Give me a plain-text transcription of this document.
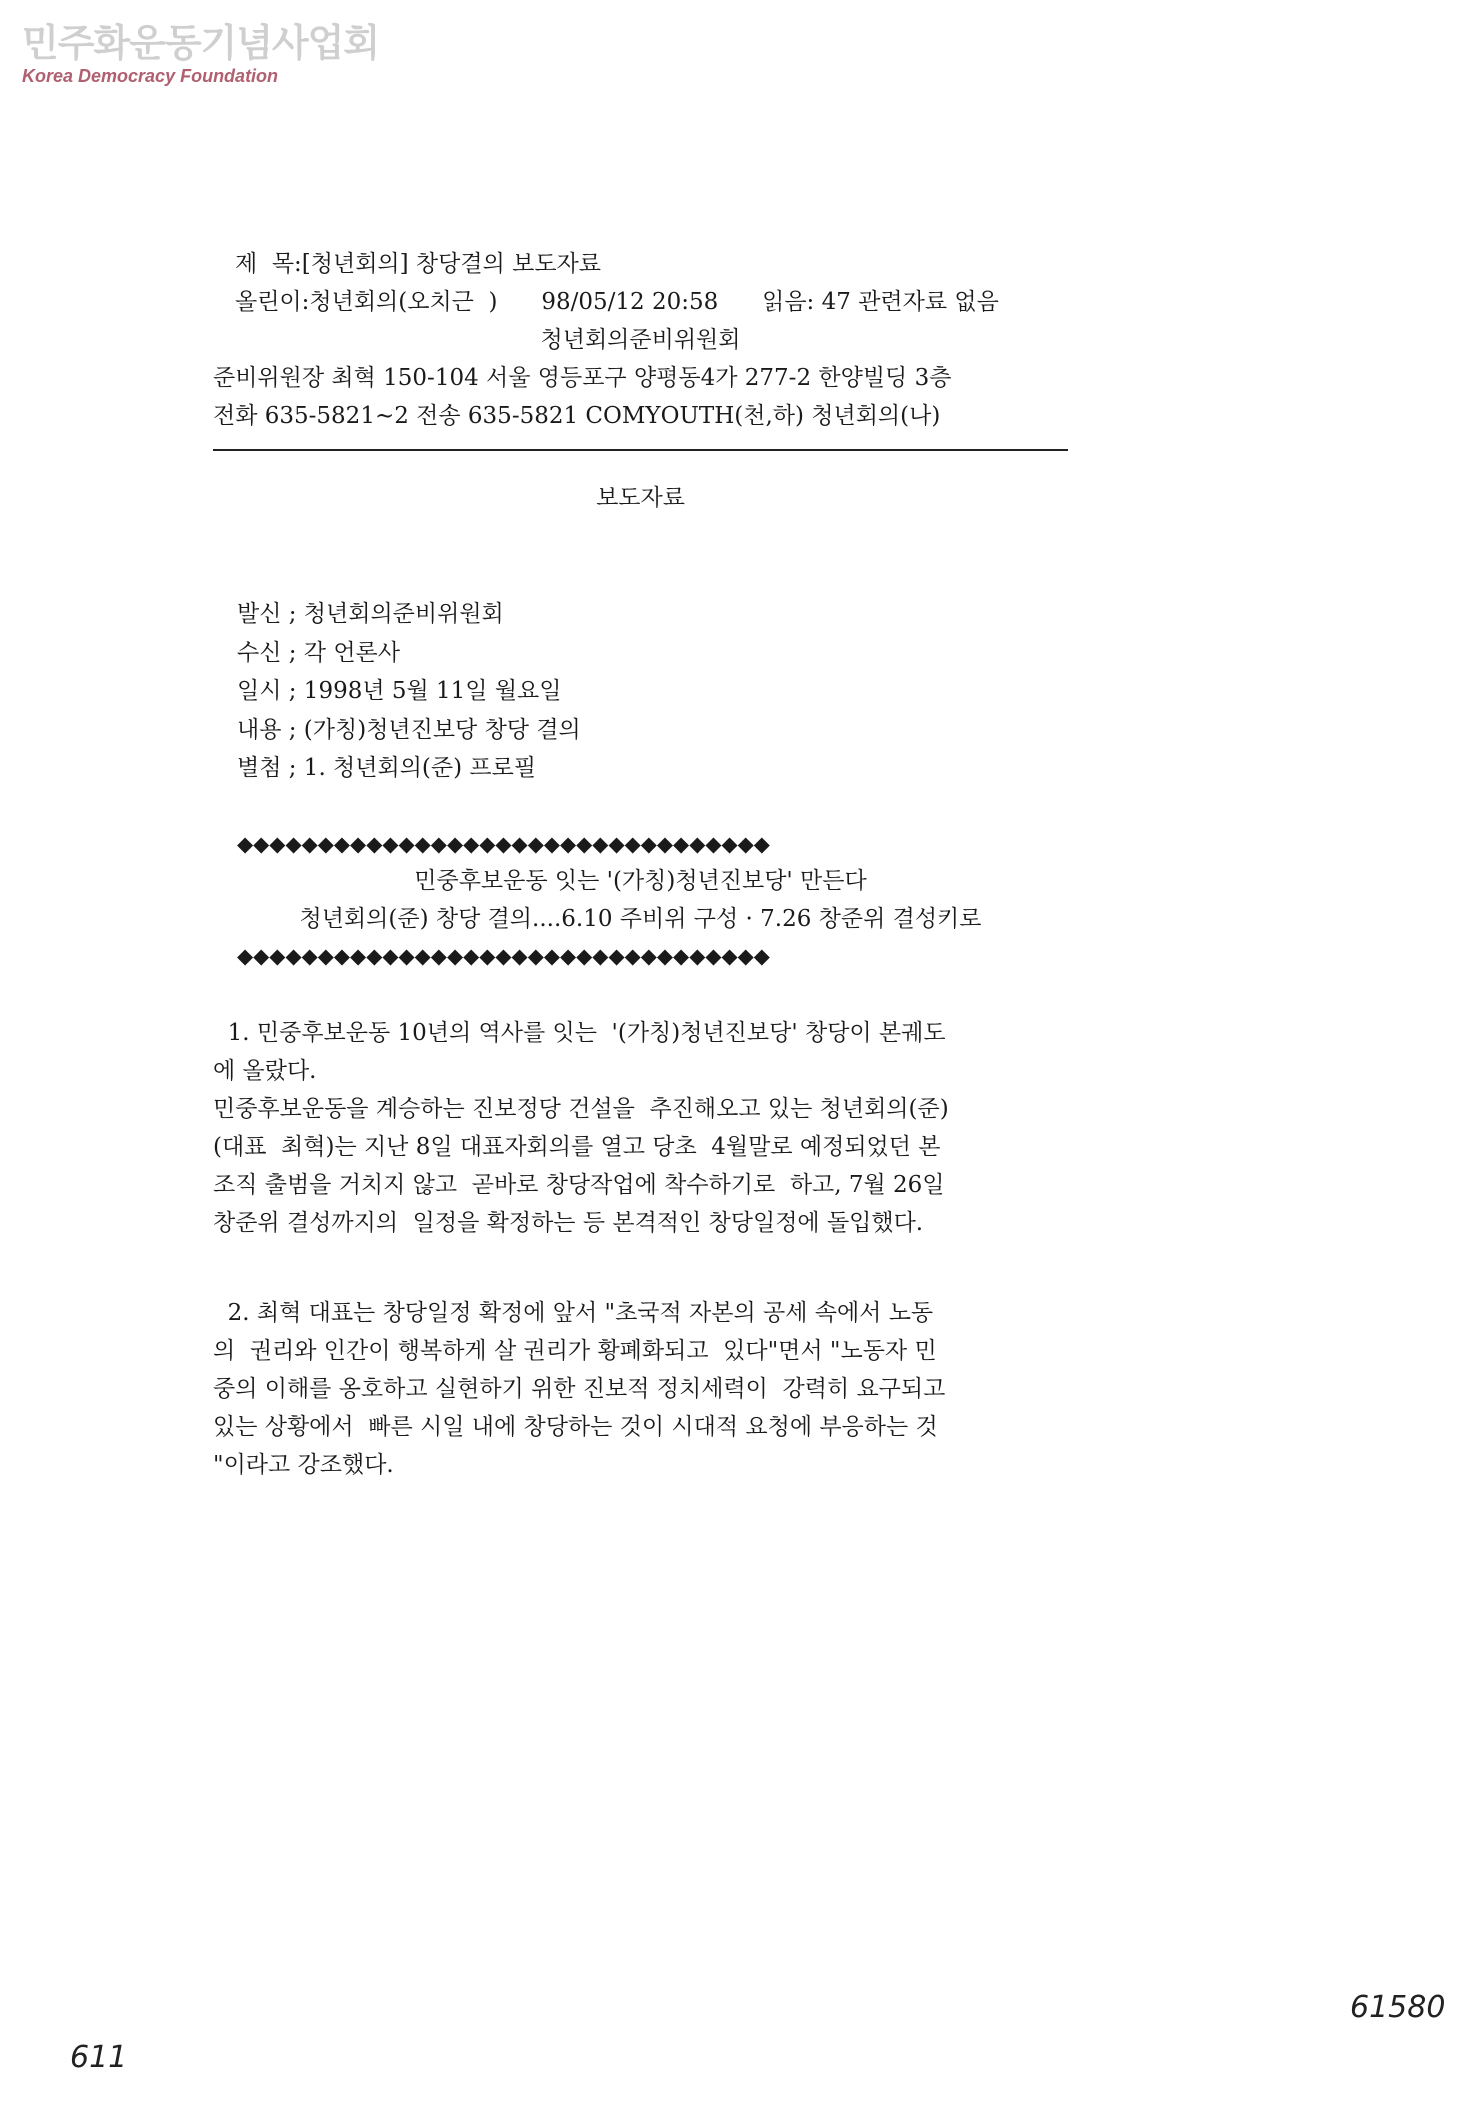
민주화운동기념사업회
Korea Democracy Foundation
제  목:[청년회의] 창당결의 보도자료
올린이:청년회의(오치근  )      98/05/12 20:58      읽음: 47 관련자료 없음
청년회의준비위원회
준비위원장 최혁 150-104 서울 영등포구 양평동4가 277-2 한양빌딩 3층
전화 635-5821∼2 전송 635-5821 COMYOUTH(천,하) 청년회의(나)
보도자료
발신 ; 청년회의준비위원회
수신 ; 각 언론사
일시 ; 1998년 5월 11일 월요일
내용 ; (가칭)청년진보당 창당 결의
별첨 ; 1. 청년회의(준) 프로필
◆◆◆◆◆◆◆◆◆◆◆◆◆◆◆◆◆◆◆◆◆◆◆◆◆◆◆◆◆◆◆◆◆
민중후보운동 잇는 '(가칭)청년진보당' 만든다
청년회의(준) 창당 결의....6.10 주비위 구성 · 7.26 창준위 결성키로
◆◆◆◆◆◆◆◆◆◆◆◆◆◆◆◆◆◆◆◆◆◆◆◆◆◆◆◆◆◆◆◆◆
1. 민중후보운동 10년의 역사를 잇는  '(가칭)청년진보당' 창당이 본궤도
에 올랐다.
민중후보운동을 계승하는 진보정당 건설을  추진해오고 있는 청년회의(준)
(대표  최혁)는 지난 8일 대표자회의를 열고 당초  4월말로 예정되었던 본
조직 출범을 거치지 않고  곧바로 창당작업에 착수하기로  하고, 7월 26일
창준위 결성까지의  일정을 확정하는 등 본격적인 창당일정에 돌입했다.
2. 최혁 대표는 창당일정 확정에 앞서 "초국적 자본의 공세 속에서 노동
의  권리와 인간이 행복하게 살 권리가 황폐화되고  있다"면서 "노동자 민
중의 이해를 옹호하고 실현하기 위한 진보적 정치세력이  강력히 요구되고
있는 상황에서  빠른 시일 내에 창당하는 것이 시대적 요청에 부응하는 것
"이라고 강조했다.
611
61580
